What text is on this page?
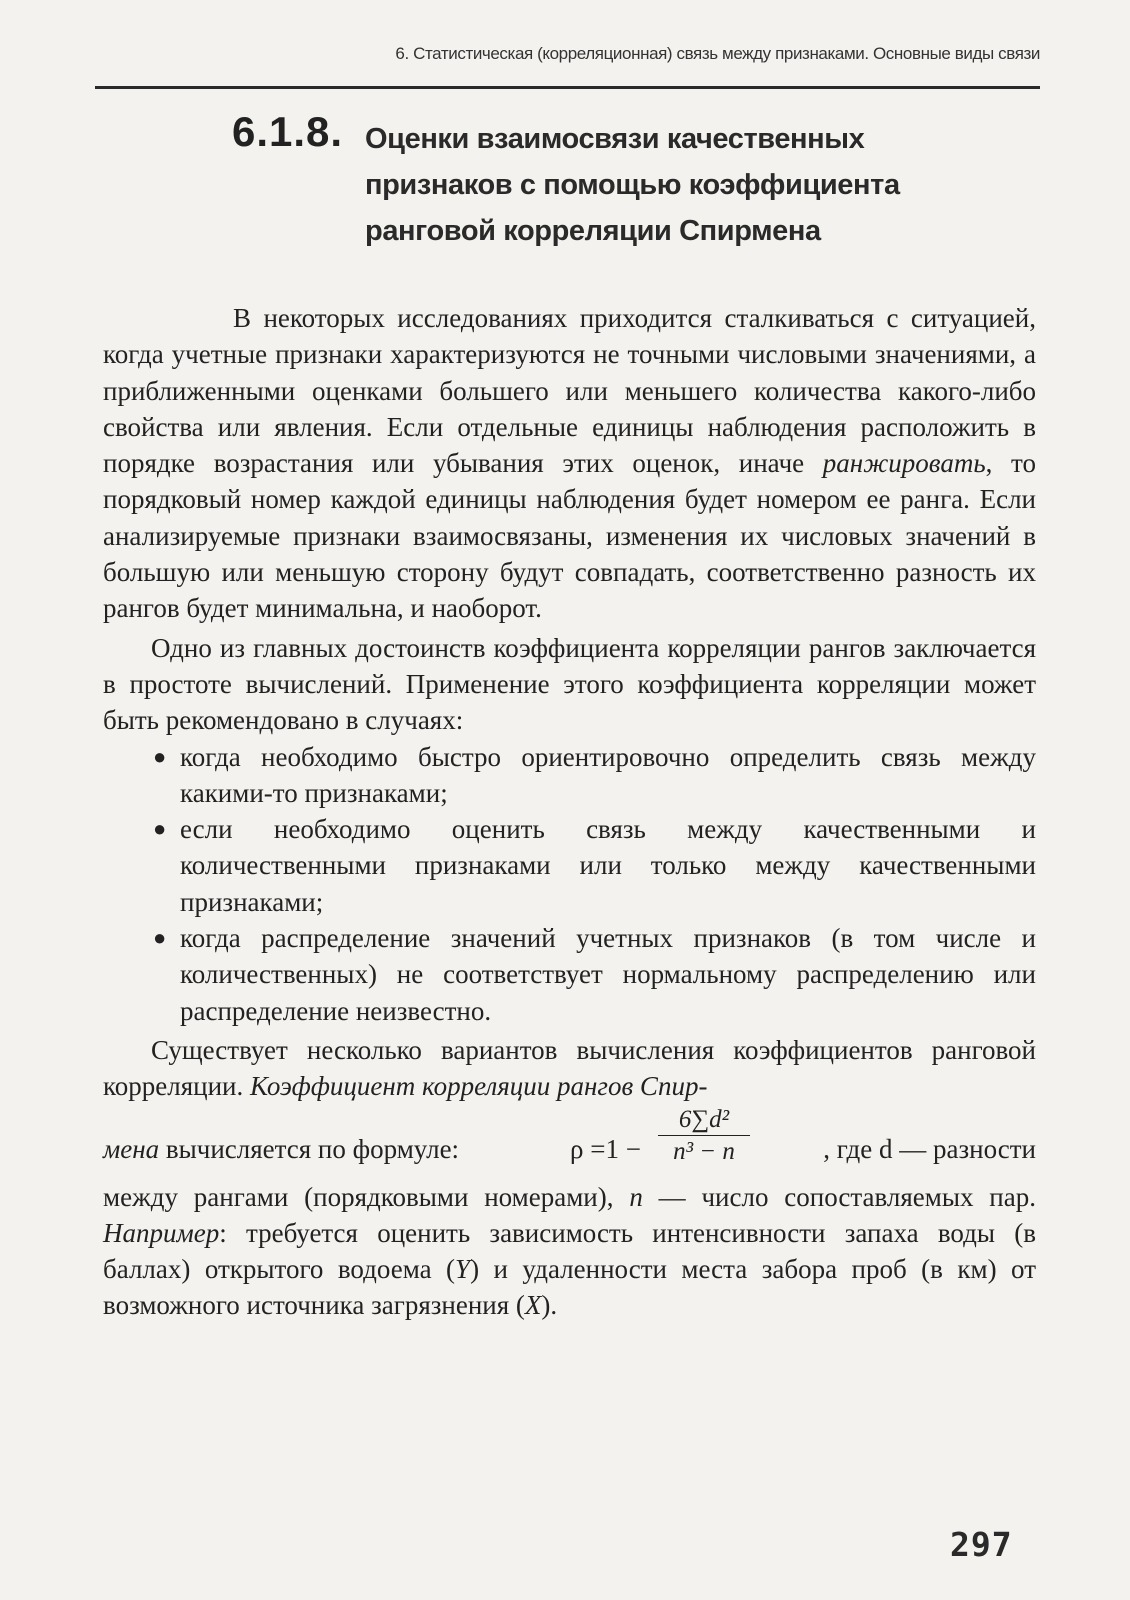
6. Статистическая (корреляционная) связь между признаками. Основные виды связи
6.1.8. Оценки взаимосвязи качественных
признаков с помощью коэффициента
ранговой корреляции Спирмена

В некоторых исследованиях приходится сталкиваться с ситуацией, когда учетные признаки характеризуются не точными числовыми значениями, а приближенными оценками большего или меньшего количества какого-либо свойства или явления. Если отдельные единицы наблюдения расположить в порядке возрастания или убывания этих оценок, иначе ранжировать, то порядковый номер каждой единицы наблюдения будет номером ее ранга. Если анализируемые признаки взаимосвязаны, изменения их числовых значений в большую или меньшую сторону будут совпадать, соответственно разность их рангов будет минимальна, и наоборот.

Одно из главных достоинств коэффициента корреляции рангов заключается в простоте вычислений. Применение этого коэффициента корреляции может быть рекомендовано в случаях:

● когда необходимо быстро ориентировочно определить связь между какими-то признаками;
● если необходимо оценить связь между качественными и количественными признаками или только между качественными признаками;
● когда распределение значений учетных признаков (в том числе и количественных) не соответствует нормальному распределению или распределение неизвестно.

Существует несколько вариантов вычисления коэффициентов ранговой корреляции. Коэффициент корреляции рангов Спир-

мена вычисляется по формуле:	$\rho =1 - \frac{\text{6∑d²}}{\text{n³ − n}}$	, где d — разности

между рангами (порядковыми номерами), n — число сопоставляемых пар. Например: требуется оценить зависимость интенсивности запаха воды (в баллах) открытого водоема (Y) и удаленности места забора проб (в км) от возможного источника загрязнения (X).

297
